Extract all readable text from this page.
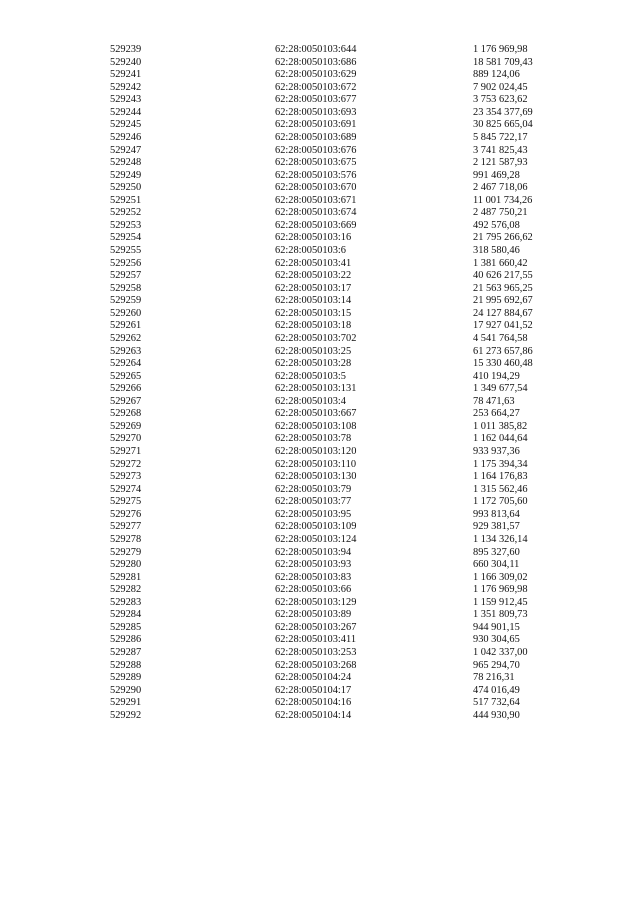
529239	62:28:0050103:644	1 176 969,98
529240	62:28:0050103:686	18 581 709,43
529241	62:28:0050103:629	889 124,06
529242	62:28:0050103:672	7 902 024,45
529243	62:28:0050103:677	3 753 623,62
529244	62:28:0050103:693	23 354 377,69
529245	62:28:0050103:691	30 825 665,04
529246	62:28:0050103:689	5 845 722,17
529247	62:28:0050103:676	3 741 825,43
529248	62:28:0050103:675	2 121 587,93
529249	62:28:0050103:576	991 469,28
529250	62:28:0050103:670	2 467 718,06
529251	62:28:0050103:671	11 001 734,26
529252	62:28:0050103:674	2 487 750,21
529253	62:28:0050103:669	492 576,08
529254	62:28:0050103:16	21 795 266,62
529255	62:28:0050103:6	318 580,46
529256	62:28:0050103:41	1 381 660,42
529257	62:28:0050103:22	40 626 217,55
529258	62:28:0050103:17	21 563 965,25
529259	62:28:0050103:14	21 995 692,67
529260	62:28:0050103:15	24 127 884,67
529261	62:28:0050103:18	17 927 041,52
529262	62:28:0050103:702	4 541 764,58
529263	62:28:0050103:25	61 273 657,86
529264	62:28:0050103:28	15 330 460,48
529265	62:28:0050103:5	410 194,29
529266	62:28:0050103:131	1 349 677,54
529267	62:28:0050103:4	78 471,63
529268	62:28:0050103:667	253 664,27
529269	62:28:0050103:108	1 011 385,82
529270	62:28:0050103:78	1 162 044,64
529271	62:28:0050103:120	933 937,36
529272	62:28:0050103:110	1 175 394,34
529273	62:28:0050103:130	1 164 176,83
529274	62:28:0050103:79	1 315 562,46
529275	62:28:0050103:77	1 172 705,60
529276	62:28:0050103:95	993 813,64
529277	62:28:0050103:109	929 381,57
529278	62:28:0050103:124	1 134 326,14
529279	62:28:0050103:94	895 327,60
529280	62:28:0050103:93	660 304,11
529281	62:28:0050103:83	1 166 309,02
529282	62:28:0050103:66	1 176 969,98
529283	62:28:0050103:129	1 159 912,45
529284	62:28:0050103:89	1 351 809,73
529285	62:28:0050103:267	944 901,15
529286	62:28:0050103:411	930 304,65
529287	62:28:0050103:253	1 042 337,00
529288	62:28:0050103:268	965 294,70
529289	62:28:0050104:24	78 216,31
529290	62:28:0050104:17	474 016,49
529291	62:28:0050104:16	517 732,64
529292	62:28:0050104:14	444 930,90
